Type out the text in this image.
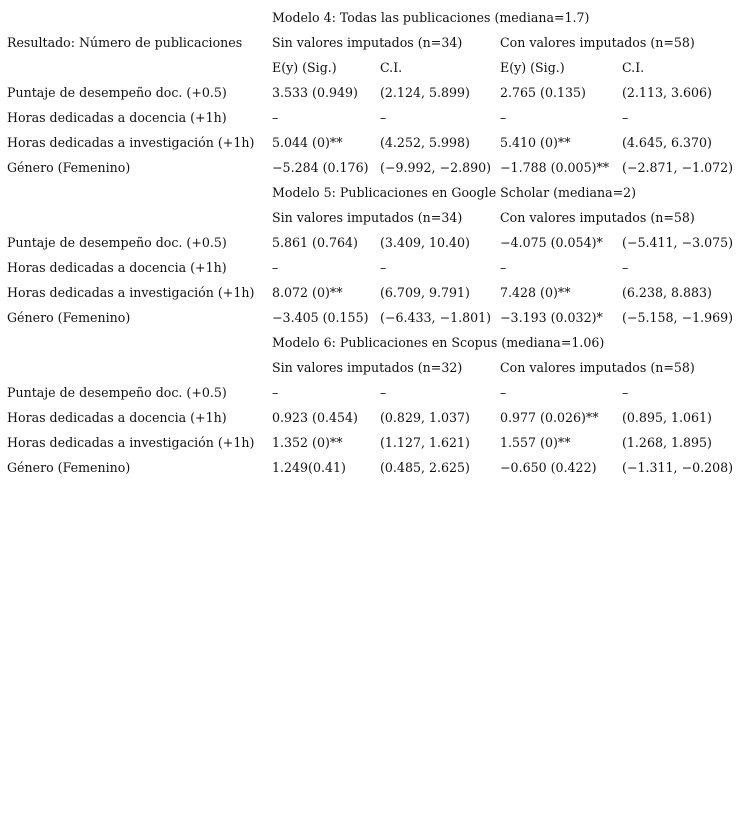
	Modelo 4: Todas las publicaciones (mediana=1.7)			
Resultado: Número de publicaciones	Sin valores imputados (n=34)		Con valores imputados (n=58)	
	E(y) (Sig.)	C.I.	E(y) (Sig.)	C.I.
Puntaje de desempeño doc. (+0.5)	3.533 (0.949)	(2.124, 5.899)	2.765 (0.135)	(2.113, 3.606)
Horas dedicadas a docencia (+1h)	–	–	–	–
Horas dedicadas a investigación (+1h)	5.044 (0)**	(4.252, 5.998)	5.410 (0)**	(4.645, 6.370)
Género (Femenino)	−5.284 (0.176)	(−9.992, −2.890)	−1.788 (0.005)**	(−2.871, −1.072)
	Modelo 5: Publicaciones en Google Scholar (mediana=2)			
	Sin valores imputados (n=34)		Con valores imputados (n=58)	
Puntaje de desempeño doc. (+0.5)	5.861 (0.764)	(3.409, 10.40)	−4.075 (0.054)*	(−5.411, −3.075)
Horas dedicadas a docencia (+1h)	–	–	–	–
Horas dedicadas a investigación (+1h)	8.072 (0)**	(6.709, 9.791)	7.428 (0)**	(6.238, 8.883)
Género (Femenino)	−3.405 (0.155)	(−6.433, −1.801)	−3.193 (0.032)*	(−5.158, −1.969)
	Modelo 6: Publicaciones en Scopus (mediana=1.06)			
	Sin valores imputados (n=32)		Con valores imputados (n=58)	
Puntaje de desempeño doc. (+0.5)	–	–	–	–
Horas dedicadas a docencia (+1h)	0.923 (0.454)	(0.829, 1.037)	0.977 (0.026)**	(0.895, 1.061)
Horas dedicadas a investigación (+1h)	1.352 (0)**	(1.127, 1.621)	1.557 (0)**	(1.268, 1.895)
Género (Femenino)	1.249(0.41)	(0.485, 2.625)	−0.650 (0.422)	(−1.311, −0.208)
